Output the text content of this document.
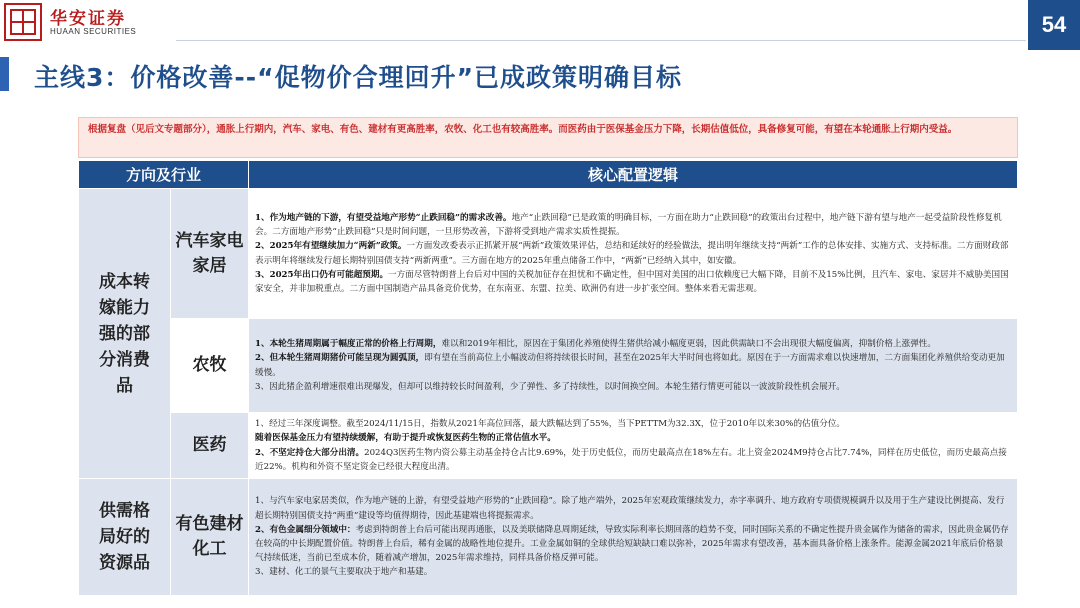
华安证券
HUAAN SECURITIES	54
主线3：价格改善--“促物价合理回升”已成政策明确目标
根据复盘（见后文专题部分），通胀上行期内，汽车、家电、有色、建材有更高胜率，农牧、化工也有较高胜率。而医药由于医保基金压力下降，长期估值低位，具备修复可能，有望在本轮通胀上行期内受益。
方向及行业		核心配置逻辑
成本转嫁能力强的部分消费品	汽车家电家居	1、作为地产链的下游，有望受益地产形势“止跌回稳”的需求改善。地产“止跌回稳”已是政策的明确目标，一方面在助力“止跌回稳”的政策出台过程中，地产链下游有望与地产一起受益阶段性修复机会。二方面地产形势“止跌回稳”只是时间问题，一旦形势改善，下游将受到地产需求实质性提振。

2、2025年有望继续加力“两新”政策。一方面发改委表示正抓紧开展“两新”政策效果评估，总结和延续好的经验做法，提出明年继续支持“两新”工作的总体安排、实施方式、支持标准。二方面财政部表示明年将继续发行超长期特别国债支持“两新两重”。三方面在地方的2025年重点储备工作中，“两新”已经纳入其中，如安徽。

3、2025年出口仍有可能超预期。一方面尽管特朗普上台后对中国的关税加征存在担忧和不确定性，但中国对美国的出口依赖度已大幅下降，目前不及15%比例，且汽车、家电、家居并不威胁美国国家安全，并非加税重点。二方面中国制造产品具备竞价优势，在东南亚、东盟、拉美、欧洲仍有进一步扩张空间。整体来看无需悲观。

	农牧	1、本轮生猪周期属于幅度正常的价格上行周期，难以和2019年相比，原因在于集团化养殖使得生猪供给减小幅度更弱，因此供需缺口不会出现很大幅度偏离，抑制价格上涨弹性。

2、但本轮生猪周期猪价可能呈现为圆弧顶，即有望在当前高位上小幅波动但将持续很长时间，甚至在2025年大半时间也将如此。原因在于一方面需求难以快速增加，二方面集团化养殖供给变动更加缓慢。

3、因此猪企盈利增速很难出现爆发，但却可以维持较长时间盈利，少了弹性、多了持续性，以时间换空间。本轮生猪行情更可能以一波波阶段性机会展开。

	医药	1、经过三年深度调整。截至2024/11/15日，指数从2021年高位回落，最大跌幅达到了55%，当下PETTM为32.3X，位于2010年以来30%的估值分位。

随着医保基金压力有望持续缓解，有助于提升或恢复医药生物的正常估值水平。

2、不坚定持仓大部分出清。2024Q3医药生物内资公募主动基金持仓占比9.69%，处于历史低位，而历史最高点在18%左右。北上资金2024M9持仓占比7.74%，同样在历史低位，而历史最高点接近22%。机构和外资不坚定资金已经很大程度出清。

供需格局好的资源品	有色建材化工	1、与汽车家电家居类似，作为地产链的上游，有望受益地产形势的“止跌回稳”。除了地产端外，2025年宏观政策继续发力，赤字率调升、地方政府专项债规模调升以及用于生产建设比例提高、发行超长期特别国债支持“两重”建设等均值得期待，因此基建端也将提振需求。

2、有色金属细分领域中：考虑到特朗普上台后可能出现再通胀，以及美联储降息周期延续，导致实际利率长期回落的趋势不变，同时国际关系的不确定性提升贵金属作为储备的需求，因此贵金属仍存在较高的中长期配置价值。特朗普上台后，稀有金属的战略性地位提升。工业金属如铜的全球供给短缺缺口难以弥补，2025年需求有望改善，基本面具备价格上涨条件。能源金属2021年底后价格景气持续低迷，当前已至成本价，随着减产增加，2025年需求维持，同样具备价格反弹可能。

3、建材、化工的景气主要取决于地产和基建。
